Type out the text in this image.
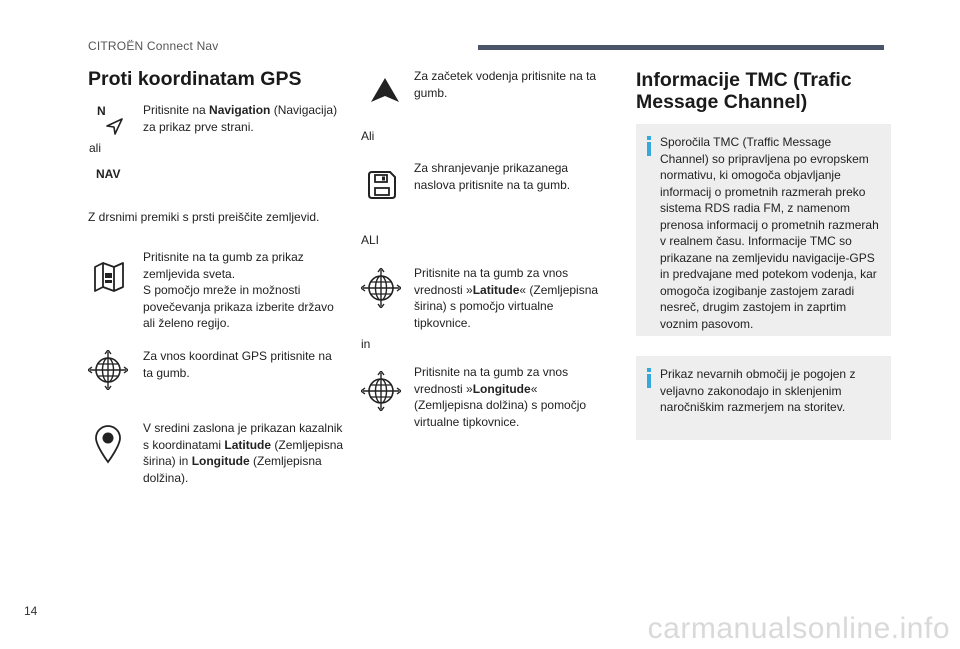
CITROËN Connect Nav
Proti koordinatam GPS
N	Pritisnite na Navigation (Navigacija) za prikaz prve strani.
ali
NAV
Z drsnimi premiki s prsti preiščite zemljevid.
Pritisnite na ta gumb za prikaz zemljevida sveta.
S pomočjo mreže in možnosti povečevanja prikaza izberite državo ali želeno regijo.
Za vnos koordinat GPS pritisnite na ta gumb.
V sredini zaslona je prikazan kazalnik s koordinatami Latitude (Zemljepisna širina) in Longitude (Zemljepisna dolžina).
Za začetek vodenja pritisnite na ta gumb.
Ali
Za shranjevanje prikazanega naslova pritisnite na ta gumb.
ALI
Pritisnite na ta gumb za vnos vrednosti »Latitude« (Zemljepisna širina) s pomočjo virtualne tipkovnice.
in
Pritisnite na ta gumb za vnos vrednosti »Longitude« (Zemljepisna dolžina) s pomočjo virtualne tipkovnice.
Informacije TMC (Trafic
Message Channel)
Sporočila TMC (Traffic Message Channel) so pripravljena po evropskem normativu, ki omogoča objavljanje informacij o prometnih razmerah preko sistema RDS radia FM, z namenom prenosa informacij o prometnih razmerah v realnem času. Informacije TMC so prikazane na zemljevidu navigacije-GPS in predvajane med potekom vodenja, kar omogoča izogibanje zastojem zaradi nesreč, drugim zastojem in zaprtim voznim pasovom.
Prikaz nevarnih območij je pogojen z veljavno zakonodajo in sklenjenim naročniškim razmerjem na storitev.
14
carmanualsonline.info
